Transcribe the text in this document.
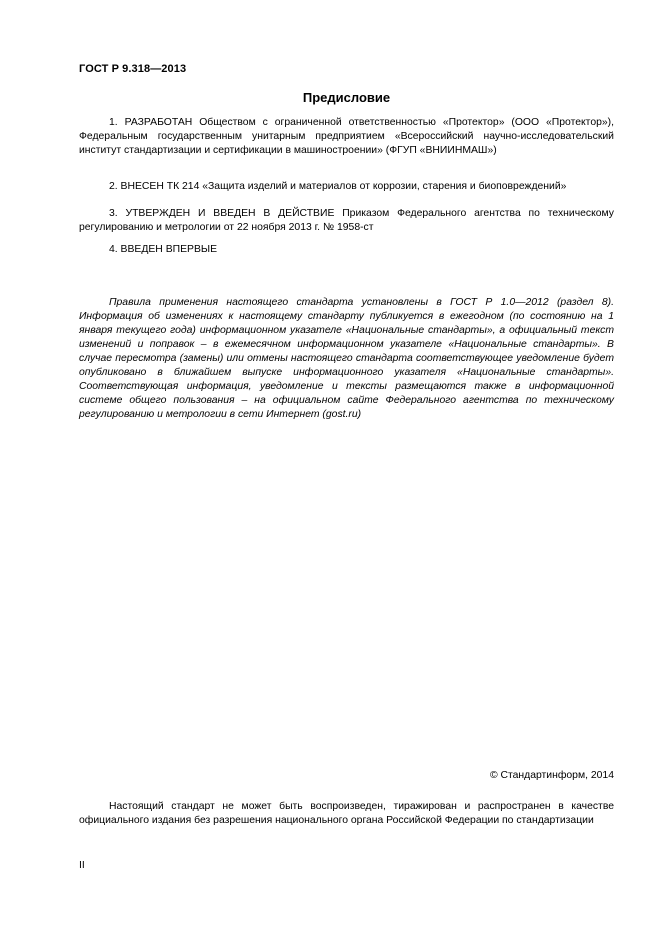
ГОСТ Р 9.318—2013
Предисловие
1. РАЗРАБОТАН Обществом с ограниченной ответственностью «Протектор» (ООО «Протектор»), Федеральным государственным унитарным предприятием «Всероссийский научно-исследовательский институт стандартизации и сертификации в машиностроении» (ФГУП «ВНИИНМАШ»)
2. ВНЕСЕН ТК 214 «Защита изделий и материалов от коррозии, старения и биоповреждений»
3. УТВЕРЖДЕН И ВВЕДЕН В ДЕЙСТВИЕ Приказом Федерального агентства по техническому регулированию и метрологии от 22 ноября 2013 г. № 1958-ст
4. ВВЕДЕН ВПЕРВЫЕ
Правила применения настоящего стандарта установлены в ГОСТ Р 1.0—2012 (раздел 8). Информация об изменениях к настоящему стандарту публикуется в ежегодном (по состоянию на 1 января текущего года) информационном указателе «Национальные стандарты», а официальный текст изменений и поправок – в ежемесячном информационном указателе «Национальные стандарты». В случае пересмотра (замены) или отмены настоящего стандарта соответствующее уведомление будет опубликовано в ближайшем выпуске информационного указателя «Национальные стандарты». Соответствующая информация, уведомление и тексты размещаются также в информационной системе общего пользования – на официальном сайте Федерального агентства по техническому регулированию и метрологии в сети Интернет (gost.ru)
© Стандартинформ, 2014
Настоящий стандарт не может быть воспроизведен, тиражирован и распространен в качестве официального издания без разрешения национального органа Российской Федерации по стандартизации
II
